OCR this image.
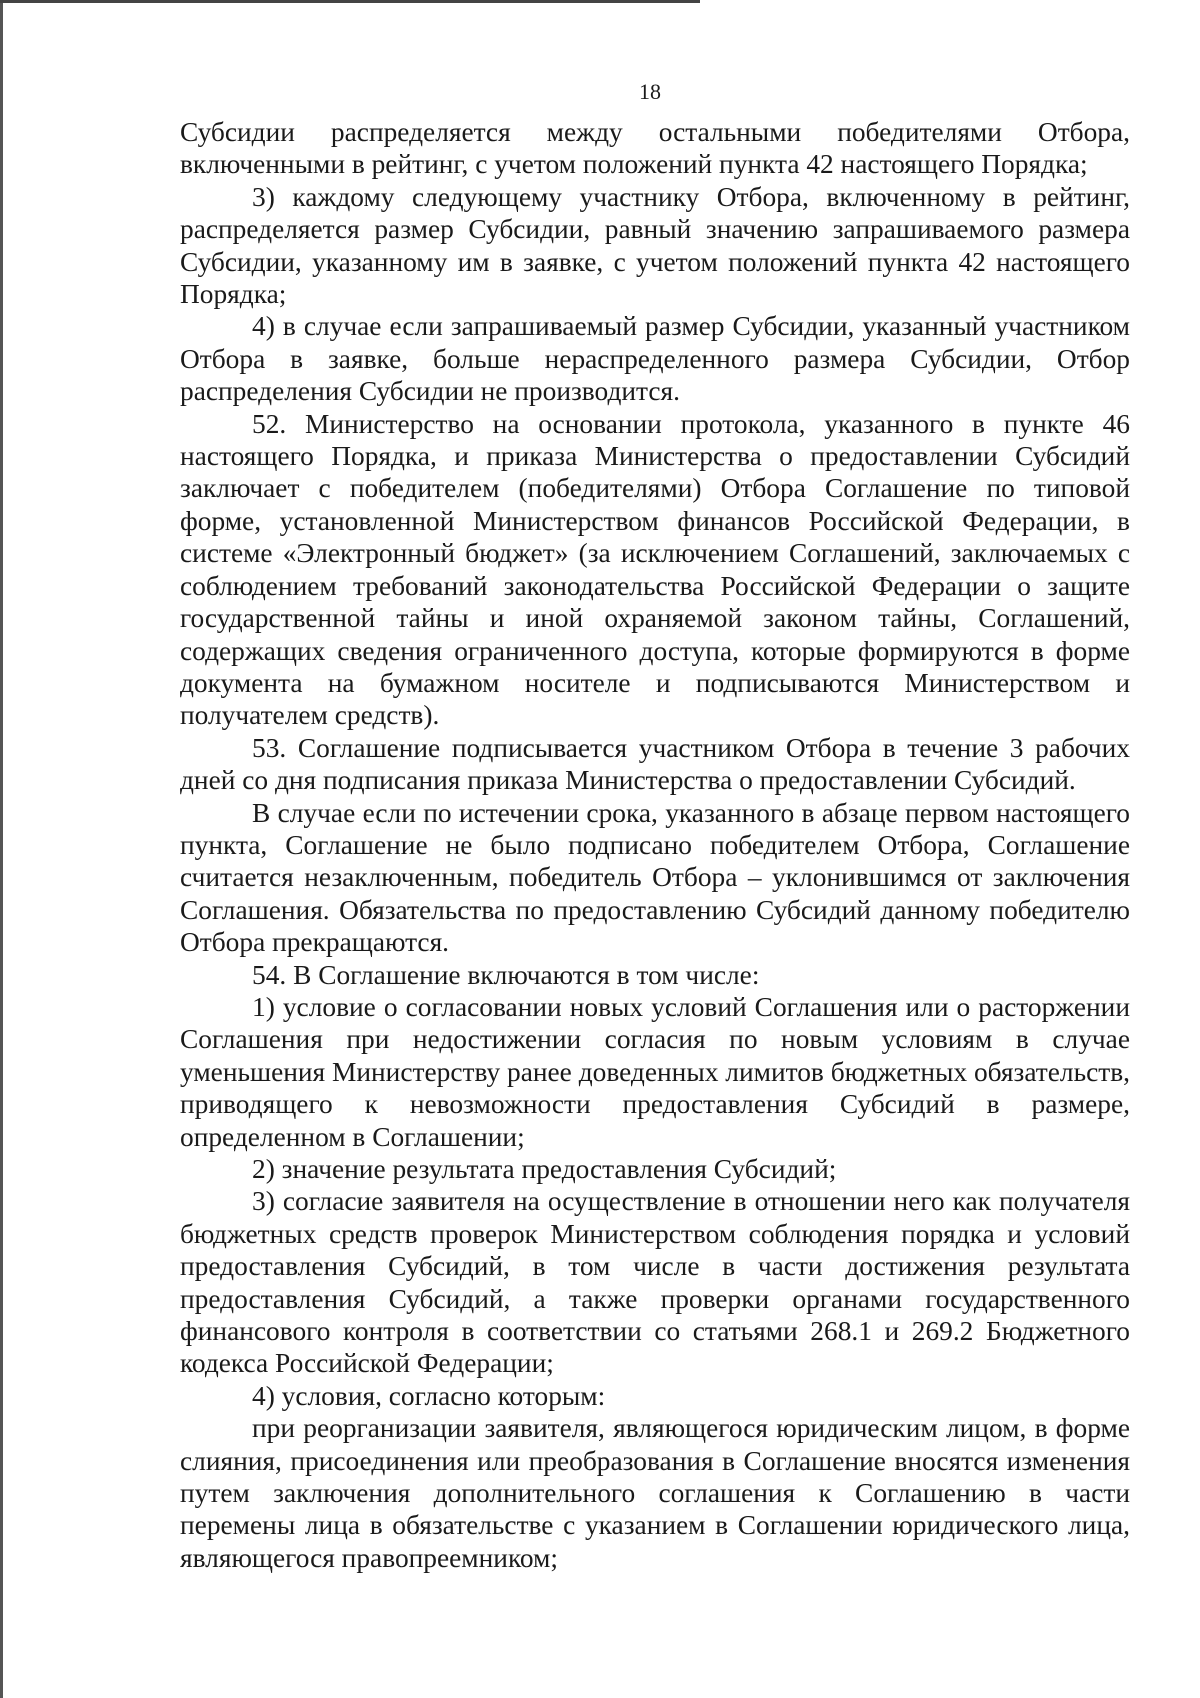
18

Субсидии распределяется между остальными победителями Отбора, включенными в рейтинг, с учетом положений пункта 42 настоящего Порядка;

3) каждому следующему участнику Отбора, включенному в рейтинг, распределяется размер Субсидии, равный значению запрашиваемого размера Субсидии, указанному им в заявке, с учетом положений пункта 42 настоящего Порядка;

4) в случае если запрашиваемый размер Субсидии, указанный участником Отбора в заявке, больше нераспределенного размера Субсидии, Отбор распределения Субсидии не производится.

52. Министерство на основании протокола, указанного в пункте 46 настоящего Порядка, и приказа Министерства о предоставлении Субсидий заключает с победителем (победителями) Отбора Соглашение по типовой форме, установленной Министерством финансов Российской Федерации, в системе «Электронный бюджет» (за исключением Соглашений, заключаемых с соблюдением требований законодательства Российской Федерации о защите государственной тайны и иной охраняемой законом тайны, Соглашений, содержащих сведения ограниченного доступа, которые формируются в форме документа на бумажном носителе и подписываются Министерством и получателем средств).

53. Соглашение подписывается участником Отбора в течение 3 рабочих дней со дня подписания приказа Министерства о предоставлении Субсидий.

В случае если по истечении срока, указанного в абзаце первом настоящего пункта, Соглашение не было подписано победителем Отбора, Соглашение считается незаключенным, победитель Отбора – уклонившимся от заключения Соглашения. Обязательства по предоставлению Субсидий данному победителю Отбора прекращаются.

54. В Соглашение включаются в том числе:

1) условие о согласовании новых условий Соглашения или о расторжении Соглашения при недостижении согласия по новым условиям в случае уменьшения Министерству ранее доведенных лимитов бюджетных обязательств, приводящего к невозможности предоставления Субсидий в размере, определенном в Соглашении;

2) значение результата предоставления Субсидий;

3) согласие заявителя на осуществление в отношении него как получателя бюджетных средств проверок Министерством соблюдения порядка и условий предоставления Субсидий, в том числе в части достижения результата предоставления Субсидий, а также проверки органами государственного финансового контроля в соответствии со статьями 268.1 и 269.2 Бюджетного кодекса Российской Федерации;

4) условия, согласно которым:

при реорганизации заявителя, являющегося юридическим лицом, в форме слияния, присоединения или преобразования в Соглашение вносятся изменения путем заключения дополнительного соглашения к Соглашению в части перемены лица в обязательстве с указанием в Соглашении юридического лица, являющегося правопреемником;
